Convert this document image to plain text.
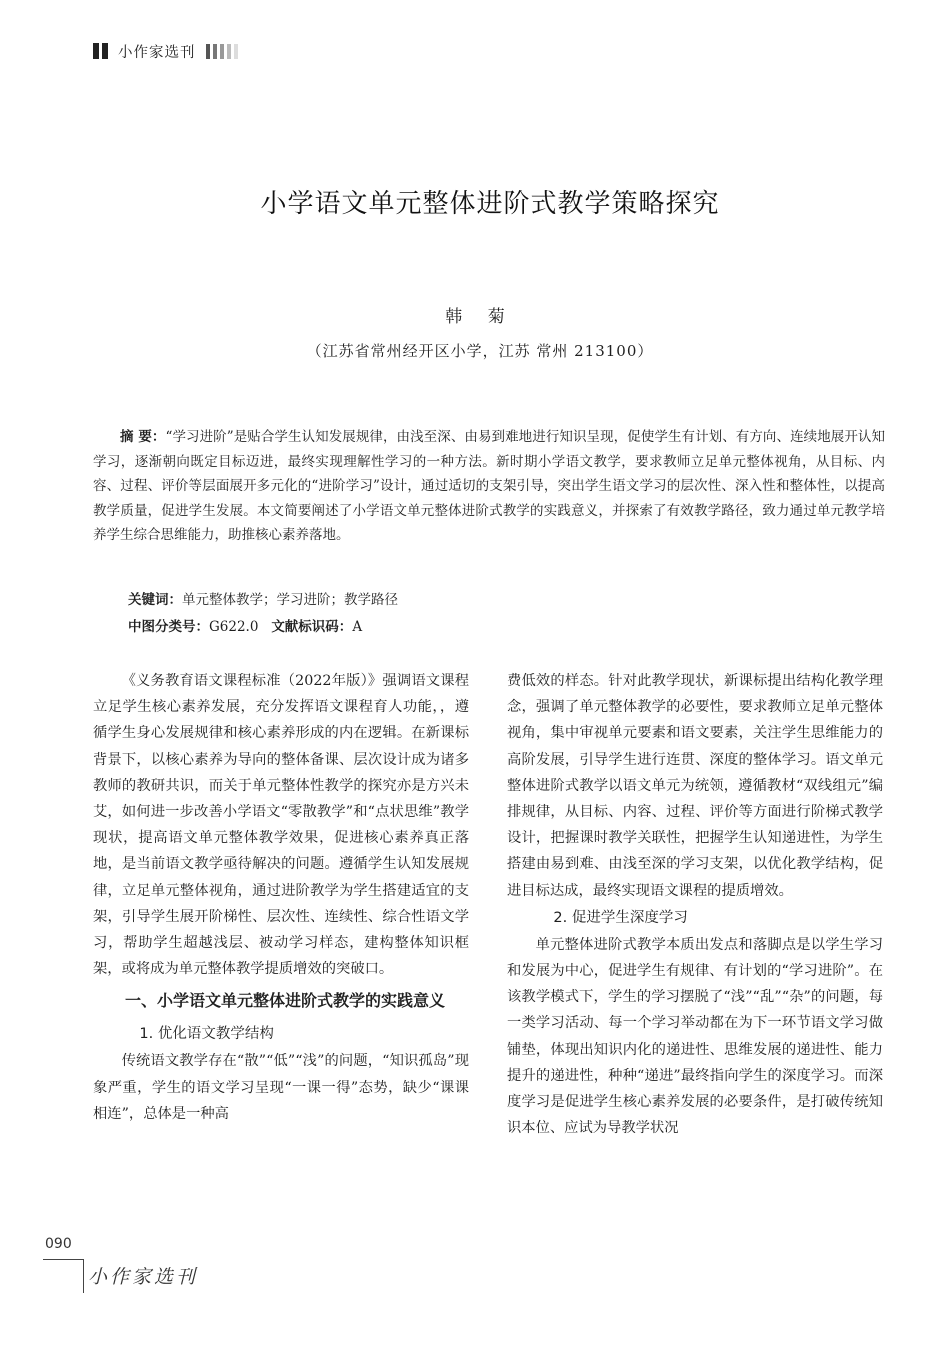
小作家选刊
小学语文单元整体进阶式教学策略探究
韩 菊
（江苏省常州经开区小学，江苏 常州 213100）
摘 要：“学习进阶”是贴合学生认知发展规律，由浅至深、由易到难地进行知识呈现，促使学生有计划、有方向、连续地展开认知学习，逐渐朝向既定目标迈进，最终实现理解性学习的一种方法。新时期小学语文教学，要求教师立足单元整体视角，从目标、内容、过程、评价等层面展开多元化的“进阶学习”设计，通过适切的支架引导，突出学生语文学习的层次性、深入性和整体性，以提高教学质量，促进学生发展。本文简要阐述了小学语文单元整体进阶式教学的实践意义，并探索了有效教学路径，致力通过单元教学培养学生综合思维能力，助推核心素养落地。
关键词：单元整体教学；学习进阶；教学路径
中图分类号：G622.0 文献标识码：A

《义务教育语文课程标准（2022年版）》强调语文课程立足学生核心素养发展，充分发挥语文课程育人功能，，遵循学生身心发展规律和核心素养形成的内在逻辑。在新课标背景下，以核心素养为导向的整体备课、层次设计成为诸多教师的教研共识，而关于单元整体性教学的探究亦是方兴未艾，如何进一步改善小学语文“零散教学”和“点状思维”教学现状，提高语文单元整体教学效果，促进核心素养真正落地，是当前语文教学亟待解决的问题。遵循学生认知发展规律，立足单元整体视角，通过进阶教学为学生搭建适宜的支架，引导学生展开阶梯性、层次性、连续性、综合性语文学习，帮助学生超越浅层、被动学习样态，建构整体知识框架，或将成为单元整体教学提质增效的突破口。

一、小学语文单元整体进阶式教学的实践意义
1. 优化语文教学结构

传统语文教学存在“散”“低”“浅”的问题，“知识孤岛”现象严重，学生的语文学习呈现“一课一得”态势，缺少“课课相连”，总体是一种高

费低效的样态。针对此教学现状，新课标提出结构化教学理念，强调了单元整体教学的必要性，要求教师立足单元整体视角，集中审视单元要素和语文要素，关注学生思维能力的高阶发展，引导学生进行连贯、深度的整体学习。语文单元整体进阶式教学以语文单元为统领，遵循教材“双线组元”编排规律，从目标、内容、过程、评价等方面进行阶梯式教学设计，把握课时教学关联性，把握学生认知递进性，为学生搭建由易到难、由浅至深的学习支架，以优化教学结构，促进目标达成，最终实现语文课程的提质增效。

2. 促进学生深度学习

单元整体进阶式教学本质出发点和落脚点是以学生学习和发展为中心，促进学生有规律、有计划的“学习进阶”。在该教学模式下，学生的学习摆脱了“浅”“乱”“杂”的问题，每一类学习活动、每一个学习举动都在为下一环节语文学习做铺垫，体现出知识内化的递进性、思维发展的递进性、能力提升的递进性，种种“递进”最终指向学生的深度学习。而深度学习是促进学生核心素养发展的必要条件，是打破传统知识本位、应试为导教学状况

090
小作家选刊
